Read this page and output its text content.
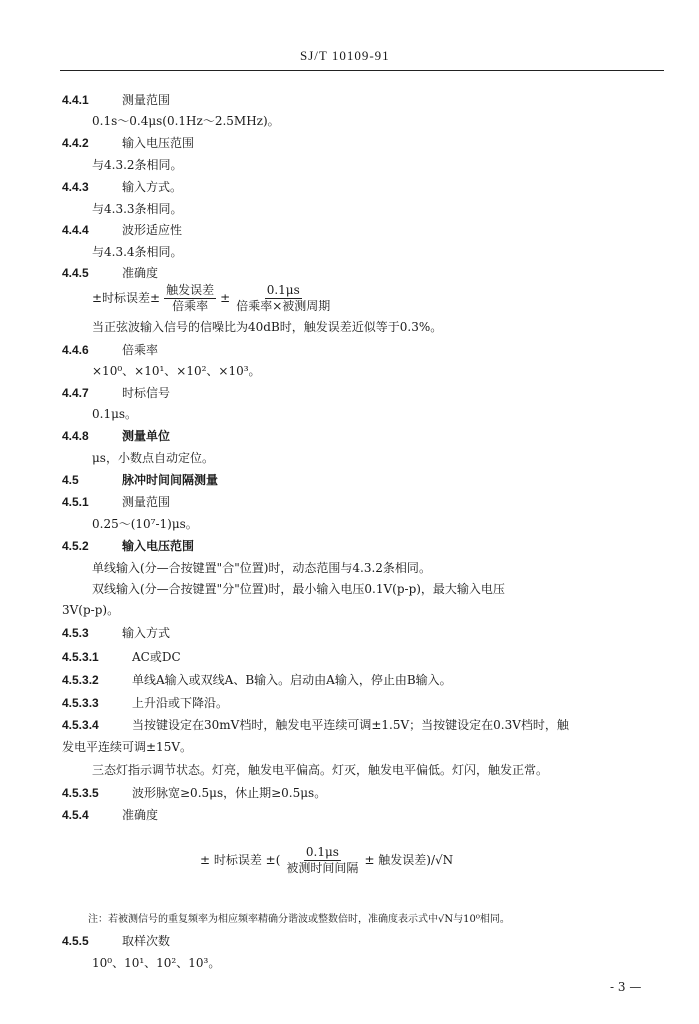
SJ/T 10109-91
4.4.1	测量范围
0.1s～0.4μs(0.1Hz～2.5MHz)。
4.4.2	输入电压范围
与4.3.2条相同。
4.4.3	输入方式。
与4.3.3条相同。
4.4.4	波形适应性
与4.3.4条相同。
4.4.5	准确度
±时标误差± $\frac{\text{触发误差}}{\text{倍乘率}} \pm \frac{0.1\mu s}{\text{倍乘率×被测周期}}$
当正弦波输入信号的信噪比为40dB时，触发误差近似等于0.3%。
4.4.6	倍乘率
×10⁰、×10¹、×10²、×10³。
4.4.7	时标信号
0.1μs。
4.4.8	测量单位
μs，小数点自动定位。
4.5	脉冲时间间隔测量
4.5.1	测量范围
0.25～(10⁷-1)μs。
4.5.2	输入电压范围
单线输入(分—合按键置"合"位置)时，动态范围与4.3.2条相同。
双线输入(分—合按键置"分"位置)时，最小输入电压0.1V(p-p)，最大输入电压
3V(p-p)。
4.5.3	输入方式
4.5.3.1	AC或DC
4.5.3.2	单线A输入或双线A、B输入。启动由A输入，停止由B输入。
4.5.3.3	上升沿或下降沿。
4.5.3.4	当按键设定在30mV档时，触发电平连续可调±1.5V；当按键设定在0.3V档时，触
发电平连续可调±15V。
三态灯指示调节状态。灯亮，触发电平偏高。灯灭，触发电平偏低。灯闪，触发正常。
4.5.3.5	波形脉宽≥0.5μs，休止期≥0.5μs。
4.5.4	准确度
± 时标误差 ±( $\frac{0.1\mu s}{\text{被测时间间隔}}$ ± 触发误差)/√N
注：若被测信号的重复频率为相应频率精确分谐波或整数倍时，准确度表示式中√N与10⁰相同。
4.5.5	取样次数
10⁰、10¹、10²、10³。
- 3 —
